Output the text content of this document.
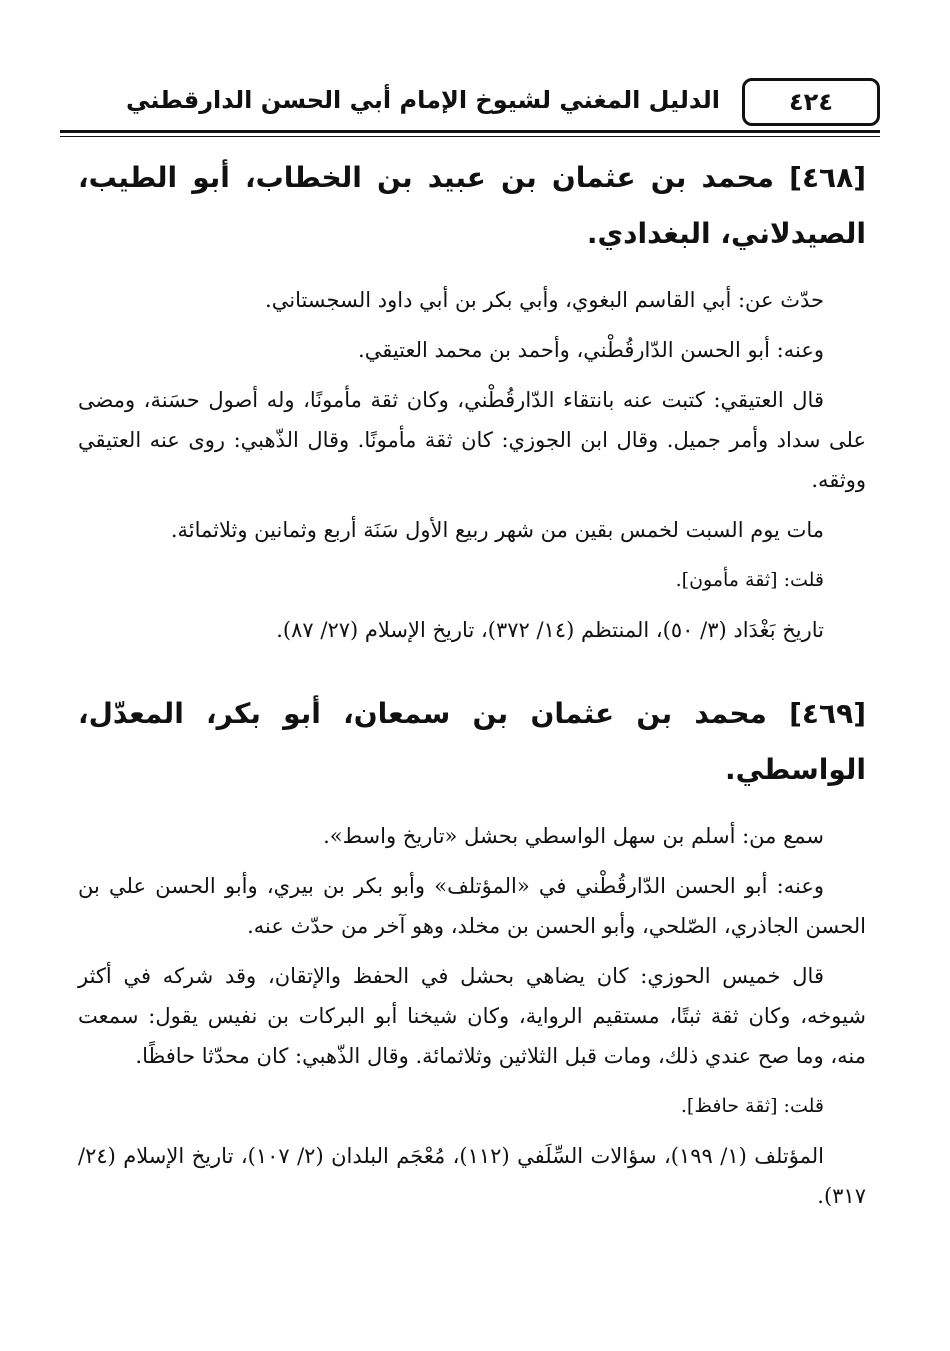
الدليل المغني لشيوخ الإمام أبي الحسن الدارقطني	٤٢٤
[٤٦٨] محمد بن عثمان بن عبيد بن الخطاب، أبو الطيب، الصيدلاني، البغدادي.

حدّث عن: أبي القاسم البغوي، وأبي بكر بن أبي داود السجستاني.

وعنه: أبو الحسن الدّارقُطْني، وأحمد بن محمد العتيقي.

قال العتيقي: كتبت عنه بانتقاء الدّارقُطْني، وكان ثقة مأمونًا، وله أصول حسَنة، ومضى على سداد وأمر جميل. وقال ابن الجوزي: كان ثقة مأمونًا. وقال الذّهبي: روى عنه العتيقي ووثقه.

مات يوم السبت لخمس بقين من شهر ربيع الأول سَنَة أربع وثمانين وثلاثمائة.

قلت: [ثقة مأمون].

تاريخ بَغْدَاد (٣/ ٥٠)، المنتظم (١٤/ ٣٧٢)، تاريخ الإسلام (٢٧/ ٨٧).

[٤٦٩] محمد بن عثمان بن سمعان، أبو بكر، المعدّل، الواسطي.

سمع من: أسلم بن سهل الواسطي بحشل «تاريخ واسط».

وعنه: أبو الحسن الدّارقُطْني في «المؤتلف» وأبو بكر بن بيري، وأبو الحسن علي بن الحسن الجاذري، الصّلحي، وأبو الحسن بن مخلد، وهو آخر من حدّث عنه.

قال خميس الحوزي: كان يضاهي بحشل في الحفظ والإتقان، وقد شركه في أكثر شيوخه، وكان ثقة ثبتًا، مستقيم الرواية، وكان شيخنا أبو البركات بن نفيس يقول: سمعت منه، وما صح عندي ذلك، ومات قبل الثلاثين وثلاثمائة. وقال الذّهبي: كان محدّثا حافظًا.

قلت: [ثقة حافظ].

المؤتلف (١/ ١٩٩)، سؤالات السِّلَفي (١١٢)، مُعْجَم البلدان (٢/ ١٠٧)، تاريخ الإسلام (٢٤/ ٣١٧).
